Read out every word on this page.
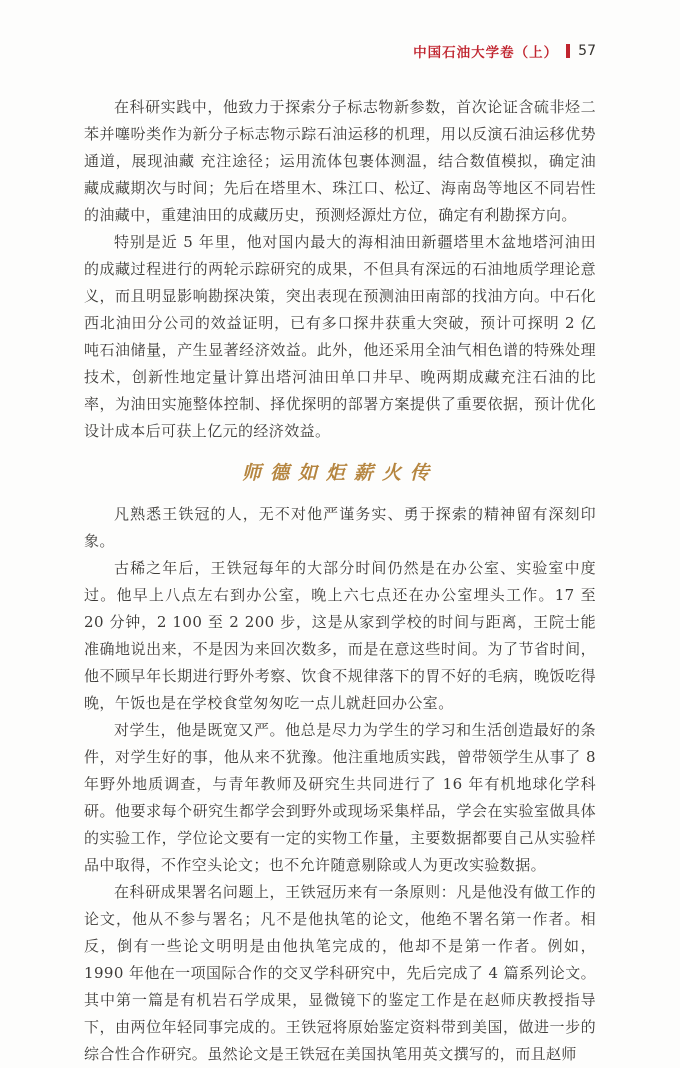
中国石油大学卷（上） 57

在科研实践中，他致力于探索分子标志物新参数，首次论证含硫非烃二苯并噻吩类作为新分子标志物示踪石油运移的机理，用以反演石油运移优势通道，展现油藏 充注途径；运用流体包裹体测温，结合数值模拟，确定油藏成藏期次与时间；先后在塔里木、珠江口、松辽、海南岛等地区不同岩性的油藏中，重建油田的成藏历史，预测烃源灶方位，确定有利勘探方向。

特别是近 5 年里，他对国内最大的海相油田新疆塔里木盆地塔河油田的成藏过程进行的两轮示踪研究的成果，不但具有深远的石油地质学理论意义，而且明显影响勘探决策，突出表现在预测油田南部的找油方向。中石化西北油田分公司的效益证明，已有多口探井获重大突破，预计可探明 2 亿吨石油储量，产生显著经济效益。此外，他还采用全油气相色谱的特殊处理技术，创新性地定量计算出塔河油田单口井早、晚两期成藏充注石油的比率，为油田实施整体控制、择优探明的部署方案提供了重要依据，预计优化设计成本后可获上亿元的经济效益。

师德如炬薪火传

凡熟悉王铁冠的人，无不对他严谨务实、勇于探索的精神留有深刻印象。

古稀之年后，王铁冠每年的大部分时间仍然是在办公室、实验室中度过。他早上八点左右到办公室，晚上六七点还在办公室埋头工作。17 至 20 分钟，2 100 至 2 200 步，这是从家到学校的时间与距离，王院士能准确地说出来，不是因为来回次数多，而是在意这些时间。为了节省时间，他不顾早年长期进行野外考察、饮食不规律落下的胃不好的毛病，晚饭吃得晚，午饭也是在学校食堂匆匆吃一点儿就赶回办公室。

对学生，他是既宽又严。他总是尽力为学生的学习和生活创造最好的条件，对学生好的事，他从来不犹豫。他注重地质实践，曾带领学生从事了 8 年野外地质调查，与青年教师及研究生共同进行了 16 年有机地球化学科研。他要求每个研究生都学会到野外或现场采集样品，学会在实验室做具体的实验工作，学位论文要有一定的实物工作量，主要数据都要自己从实验样品中取得，不作空头论文；也不允许随意剔除或人为更改实验数据。

在科研成果署名问题上，王铁冠历来有一条原则：凡是他没有做工作的论文，他从不参与署名；凡不是他执笔的论文，他绝不署名第一作者。相反，倒有一些论文明明是由他执笔完成的，他却不是第一作者。例如，1990 年他在一项国际合作的交叉学科研究中，先后完成了 4 篇系列论文。其中第一篇是有机岩石学成果，显微镜下的鉴定工作是在赵师庆教授指导下，由两位年轻同事完成的。王铁冠将原始鉴定资料带到美国，做进一步的综合性合作研究。虽然论文是王铁冠在美国执笔用英文撰写的，而且赵师
